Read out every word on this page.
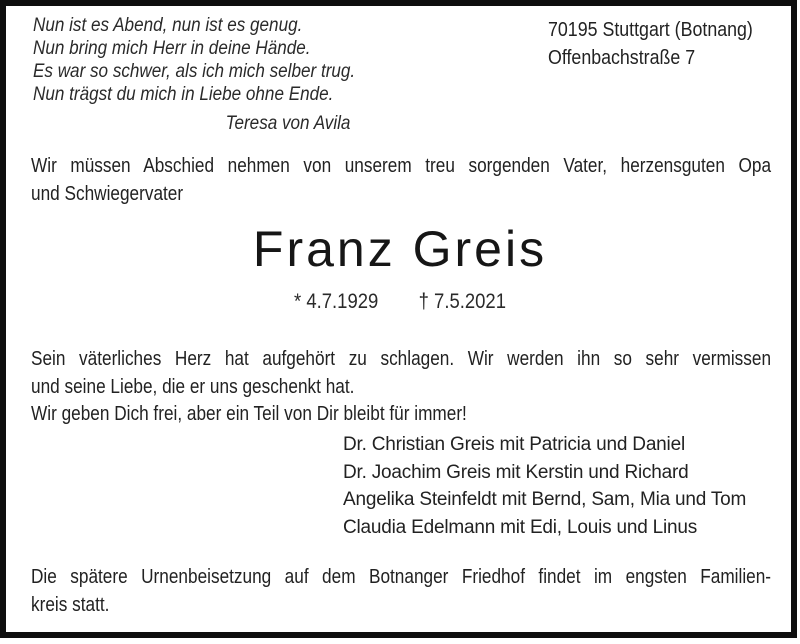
Nun ist es Abend, nun ist es genug.
Nun bring mich Herr in deine Hände.
Es war so schwer, als ich mich selber trug.
Nun trägst du mich in Liebe ohne Ende.
Teresa von Avila
70195 Stuttgart (Botnang)
Offenbachstraße 7
Wir müssen Abschied nehmen von unserem treu sorgenden Vater, herzensguten Opa
und Schwiegervater
Franz Greis
* 4.7.1929 † 7.5.2021
Sein väterliches Herz hat aufgehört zu schlagen. Wir werden ihn so sehr vermissen
und seine Liebe, die er uns geschenkt hat.
Wir geben Dich frei, aber ein Teil von Dir bleibt für immer!
Dr. Christian Greis mit Patricia und Daniel
Dr. Joachim Greis mit Kerstin und Richard
Angelika Steinfeldt mit Bernd, Sam, Mia und Tom
Claudia Edelmann mit Edi, Louis und Linus
Die spätere Urnenbeisetzung auf dem Botnanger Friedhof findet im engsten Familien-
kreis statt.
